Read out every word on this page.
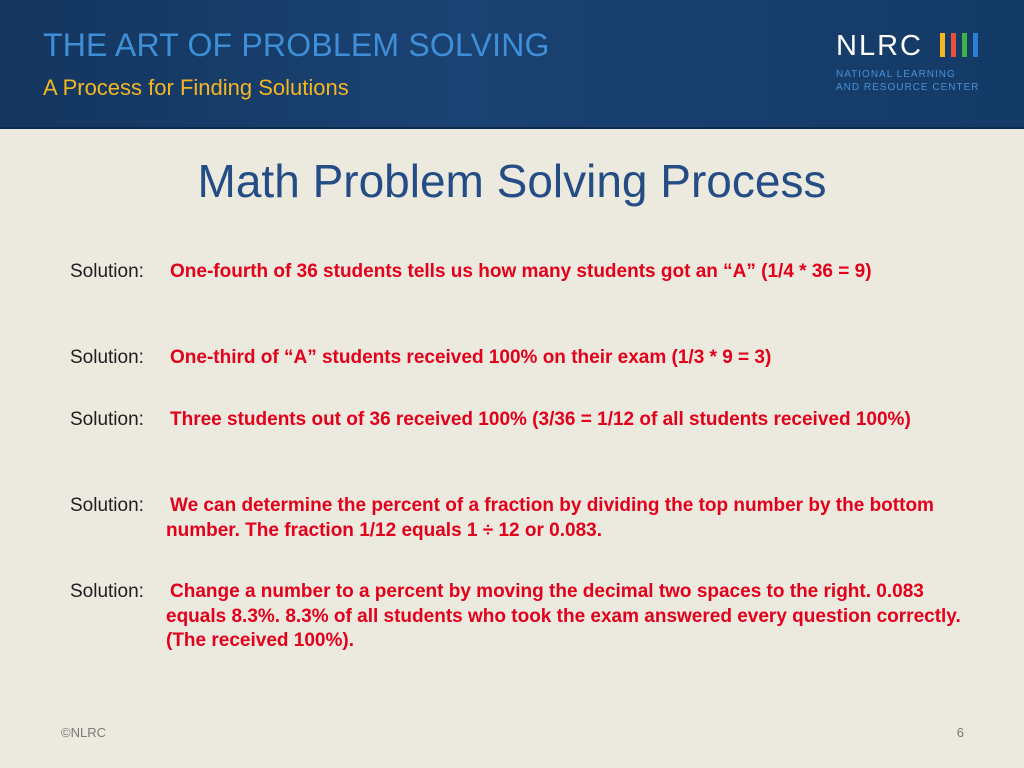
THE ART OF PROBLEM SOLVING
A Process for Finding Solutions
NLRC
NATIONAL LEARNING
AND RESOURCE CENTER
Math Problem Solving Process
Solution:	One-fourth of 36 students tells us how many students got an “A” (1/4 * 36 = 9)
Solution:	One-third of “A” students received 100% on their exam (1/3 * 9 = 3)
Solution:	Three students out of 36 received 100% (3/36 = 1/12 of all students received 100%)
Solution:	We can determine the percent of a fraction by dividing the top number by the bottom number. The fraction 1/12 equals 1 ÷ 12 or 0.083.
Solution:	Change a number to a percent by moving the decimal two spaces to the right. 0.083 equals 8.3%. 8.3% of all students who took the exam answered every question correctly. (The received 100%).
©NLRC	6
